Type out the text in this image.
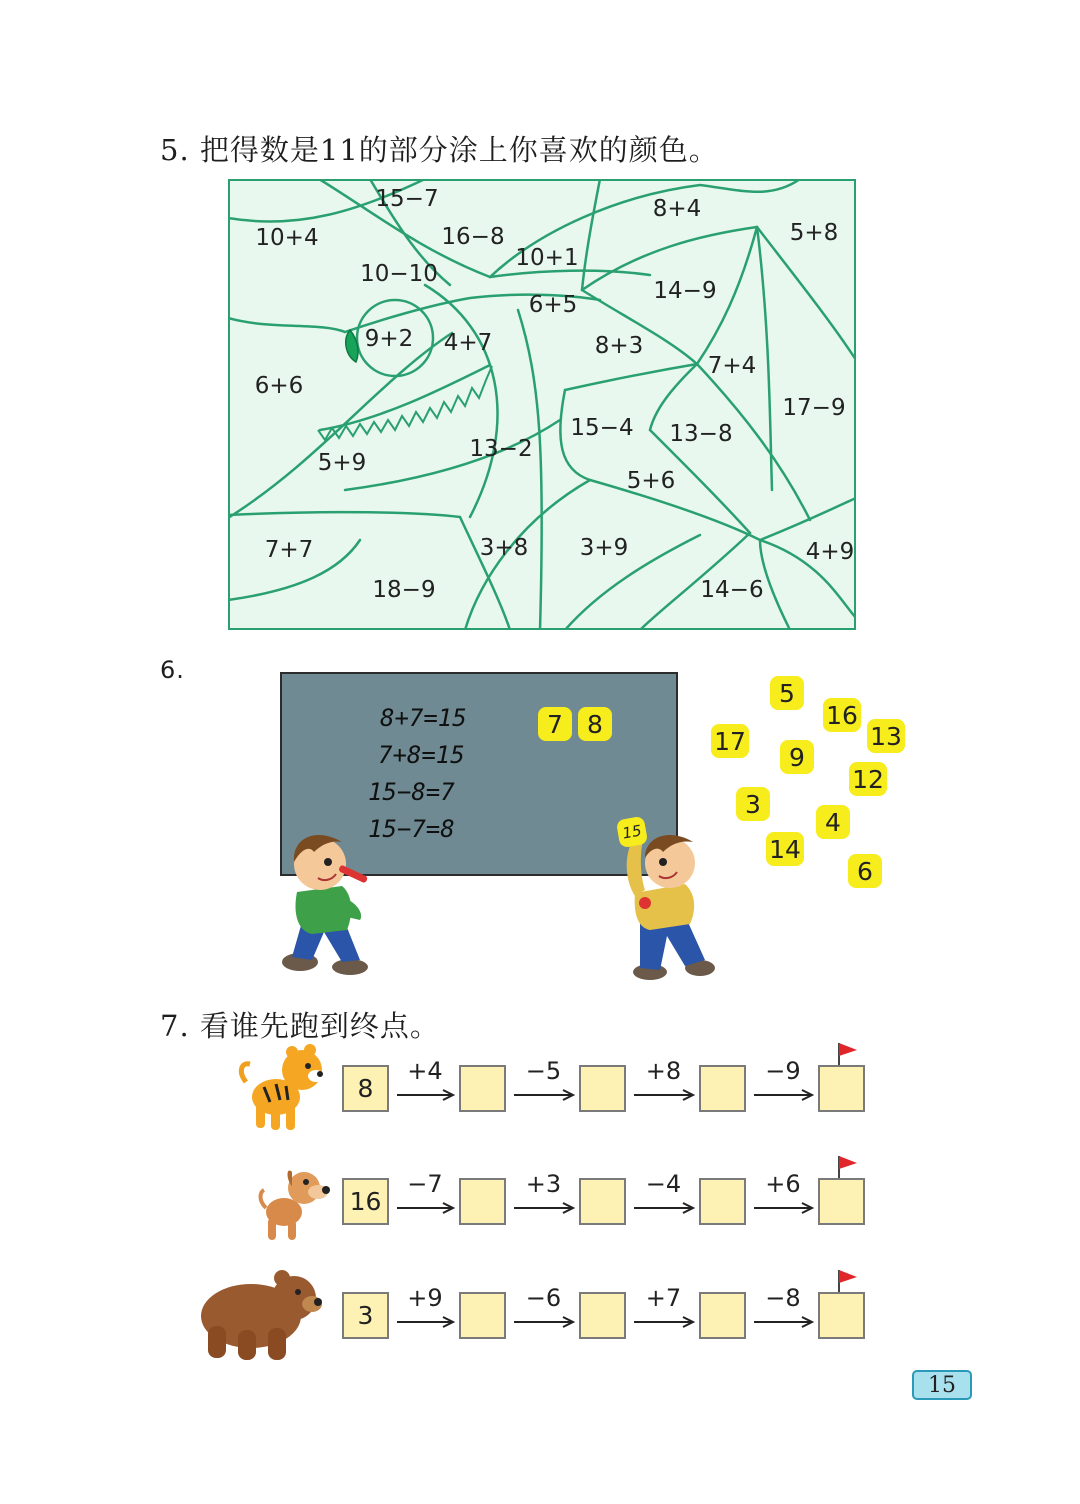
5. 把得数是11的部分涂上你喜欢的颜色。
15−7
10+4	16−8
8+4
5+8
10+1
10−10
14−9
6+5
9+2 4+7	8+3
7+4
6+6
17−9
15−4 13−8
13−2
5+9
5+6
7+7	3+8 3+9	4+9
18−9	14−6
6.
8+7=15
7+8=15
15−8=7
15−7=8
7 8
15
5
16
13
17
9
12
3
4
14
6
7. 看谁先跑到终点。
8
+4	−5	+8	−9
16
−7	+3	−4	+6
3
+9	−6	+7	−8
15
